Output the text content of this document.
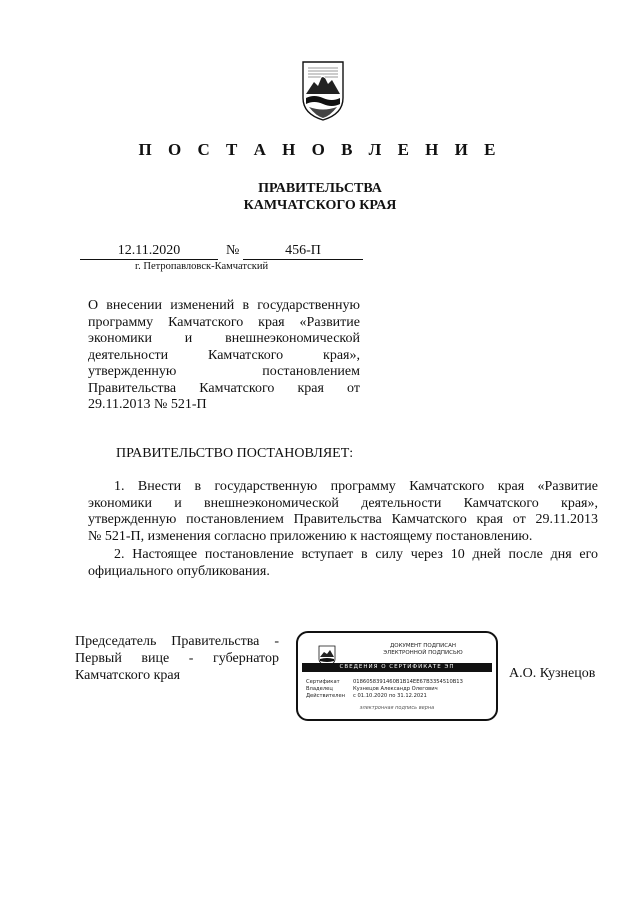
П О С Т А Н О В Л Е Н И Е
ПРАВИТЕЛЬСТВА
КАМЧАТСКОГО КРАЯ
12.11.2020	№	456-П
г. Петропавловск-Камчатский
О внесении изменений в государственную
программу Камчатского края «Развитие
экономики и внешнеэкономической
деятельности Камчатского края»,
утвержденную постановлением
Правительства Камчатского края от
29.11.2013 № 521-П
ПРАВИТЕЛЬСТВО ПОСТАНОВЛЯЕТ:
1. Внести в государственную программу Камчатского края «Развитие
экономики и внешнеэкономической деятельности Камчатского края»,
утвержденную постановлением Правительства Камчатского края от 29.11.2013
№ 521-П, изменения согласно приложению к настоящему постановлению.
2. Настоящее постановление вступает в силу через 10 дней после дня его
официального опубликования.
Председатель Правительства -
Первый вице - губернатор
Камчатского края
ДОКУМЕНТ ПОДПИСАН
ЭЛЕКТРОННОЙ ПОДПИСЬЮ
СВЕДЕНИЯ О СЕРТИФИКАТЕ ЭП
Сертификат	0186058391460B1B14EE67B3354510B13
Владелец	Кузнецов Александр Олегович
Действителен с 01.10.2020 по 31.12.2021
электронная подпись верна
А.О. Кузнецов
